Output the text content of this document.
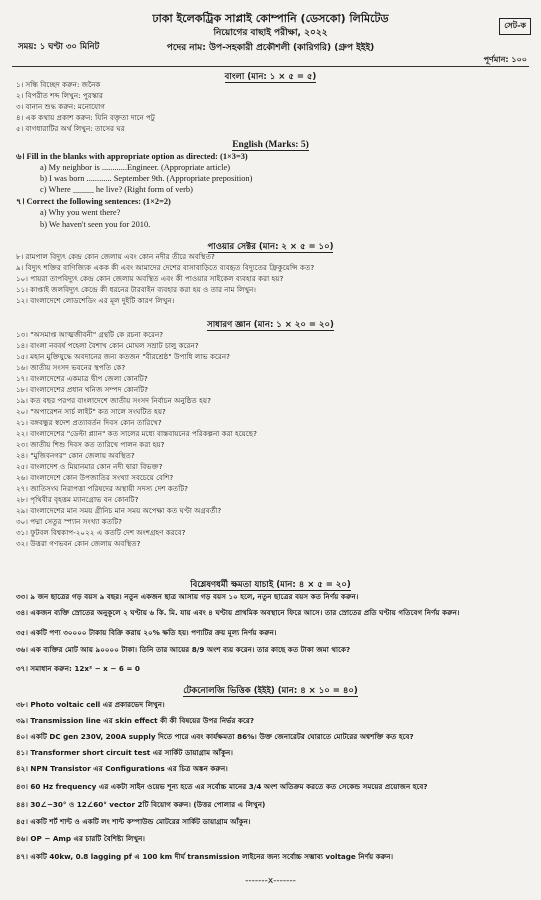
ঢাকা ইলেকট্রিক সাপ্লাই কোম্পানি (ডেসকো) লিমিটেড
নিয়োগের বাছাই পরীক্ষা, ২০২২
পদের নাম: উপ-সহকারী প্রকৌশলী (কারিগরি) (গ্রুপ ইইই)
সেট-ক
সময়: ১ ঘণ্টা ৩০ মিনিট
পূর্ণমান: ১০০
বাংলা (মান: ১ × ৫ = ৫)
১। সন্ধি বিচ্ছেদ করুন: জনৈক
২। বিপরীত শব্দ লিখুন: পুরস্কার
৩। বানান শুদ্ধ করুন: মনোযোগ
৪। এক কথায় প্রকাশ করুন: যিনি বক্তৃতা দানে পটু
৫। বাগধারাটির অর্থ লিখুন: তাসের ঘর
English (Marks: 5)
৬। Fill in the blanks with appropriate option as directed: (1×3=3)
a) My neighbor is ............Engineer. (Appropriate article)
b) I was born ............ September 9th. (Appropriate preposition)
c) Where _____ he live? (Right form of verb)
৭। Correct the following sentences: (1×2=2)
a) Why you went there?
b) We haven't seen you for 2010.
পাওয়ার সেক্টর (মান: ২ × ৫ = ১০)
৮। রামপাল বিদ্যুৎ কেন্দ্র কোন জেলায় এবং কোন নদীর তীরে অবস্থিত?
৯। বিদ্যুৎ শক্তির বাণিজ্যিক একক কী এবং আমাদের দেশের বাসাবাড়িতে ব্যবহৃত বিদ্যুতের ফ্রিকুয়েন্সি কত?
১০। পায়রা তাপবিদ্যুৎ কেন্দ্র কোন জেলায় অবস্থিত এবং কী পাওয়ার সাইকেল ব্যবহার করা হয়?
১১। কাপ্তাই জলবিদ্যুৎ কেন্দ্রে কী ধরনের টারবাইন ব্যবহার করা হয় ও তার নাম লিখুন।
১২। বাংলাদেশে লোডশেডিং এর মূল দুইটি কারণ লিখুন।
সাধারণ জ্ঞান (মান: ১ × ২০ = ২০)
১৩। "অসমাপ্ত আত্মজীবনী" গ্রন্থটি কে রচনা করেন?
১৪। বাংলা নববর্ষ পহেলা বৈশাখ কোন মোঘল সম্রাট চালু করেন?
১৫। মহান মুক্তিযুদ্ধে অবদানের জন্য কতজন "বীরশ্রেষ্ঠ" উপাধি লাভ করেন?
১৬। জাতীয় সংসদ ভবনের স্থপতি কে?
১৭। বাংলাদেশের একমাত্র দ্বীপ জেলা কোনটি?
১৮। বাংলাদেশের প্রধান খনিজ সম্পদ কোনটি?
১৯। কত বছর পরপর বাংলাদেশে জাতীয় সংসদ নির্বাচন অনুষ্ঠিত হয়?
২০। "অপারেশন সার্চ লাইট" কত সালে সংঘটিত হয়?
২১। বঙ্গবন্ধুর স্বদেশ প্রত্যাবর্তন দিবস কোন তারিখে?
২২। বাংলাদেশের "ডেল্টা প্ল্যান" কত সালের মধ্যে বাস্তবায়নের পরিকল্পনা করা হয়েছে?
২৩। জাতীয় শিশু দিবস কত তারিখে পালন করা হয়?
২৪। "মুজিবনগর" কোন জেলায় অবস্থিত?
২৫। বাংলাদেশ ও মিয়ানমার কোন নদী দ্বারা বিভক্ত?
২৬। বাংলাদেশে কোন উপজাতির সংখ্যা সবচেয়ে বেশি?
২৭। জাতিসংঘ নিরাপত্তা পরিষদের অস্থায়ী সদস্য দেশ কতটি?
২৮। পৃথিবীর বৃহত্তম ম্যানগ্রোভ বন কোনটি?
২৯। বাংলাদেশের মান সময় গ্রীনিচ মান সময় অপেক্ষা কত ঘণ্টা অগ্রবর্তী?
৩০। পদ্মা সেতুর স্প্যান সংখ্যা কতটি?
৩১। ফুটবল বিশ্বকাপ-২০২২ এ কতটি দেশ অংশগ্রহণ করবে?
৩২। উত্তরা গণভবন কোন জেলায় অবস্থিত?
বিশ্লেষণধর্মী ক্ষমতা যাচাই (মান: ৪ × ৫ = ২০)
৩৩। ৯ জন ছাত্রের গড় বয়স ৯ বছর। নতুন একজন ছাত্র আসায় গড় বয়স ১০ হলে, নতুন ছাত্রের বয়স কত নির্ণয় করুন।
৩৪। একজন ব্যক্তি স্রোতের অনুকূলে ২ ঘণ্টায় ৬ কি. মি. যায় এবং ৪ ঘণ্টায় প্রাথমিক অবস্থানে ফিরে আসে। তার স্রোতের প্রতি ঘণ্টায় গতিবেগ নির্ণয় করুন।
৩৫। একটি পণ্য ৩০০০০ টাকায় বিক্রি করায় ২০% ক্ষতি হয়। পণ্যটির ক্রয় মূল্য নির্ণয় করুন।
৩৬। এক ব্যক্তির মোট আয় ৯০০০০ টাকা। তিনি তার আয়ের 8/9 অংশ ব্যয় করেন। তার কাছে কত টাকা জমা থাকে?
৩৭। সমাধান করুন: 12x² − x − 6 = 0
টেকনোলজি ভিত্তিক (ইইই) (মান: ৪ × ১০ = ৪০)
৩৮। Photo voltaic cell এর প্রকারভেদ লিখুন।
৩৯। Transmission line এর skin effect কী কী বিষয়ের উপর নির্ভর করে?
৪০। একটি DC gen 230V, 200A supply দিতে পারে এবং কার্যক্ষমতা 86%। উক্ত জেনারেটর ঘোরাতে মোটরের অশ্বশক্তি কত হবে?
৪১। Transformer short circuit test এর সার্কিট ডায়াগ্রাম আঁকুন।
৪২। NPN Transistor এর Configurations এর চিত্র অঙ্কন করুন।
৪৩। 60 Hz frequency এর একটা সাইন ওয়েভ শূন্য হতে এর সর্বোচ্চ মানের 3/4 অংশ অতিক্রম করতে কত সেকেন্ড সময়ের প্রয়োজন হবে?
৪৪। 30∠−30° ও 12∠60° vector 2টি বিয়োগ করুন। (উত্তর পোলার এ লিখুন)
৪৫। একটি শর্ট শান্ট ও একটি লং শান্ট কম্পাউন্ড মোটরের সার্কিট ডায়াগ্রাম আঁকুন।
৪৬। OP − Amp এর চারটি বৈশিষ্ট্য লিখুন।
৪৭। একটি 40kw, 0.8 lagging pf এ 100 km দীর্ঘ transmission লাইনের জন্য সর্বোচ্চ সম্ভাব্য voltage নির্ণয় করুন।
-------x-------
